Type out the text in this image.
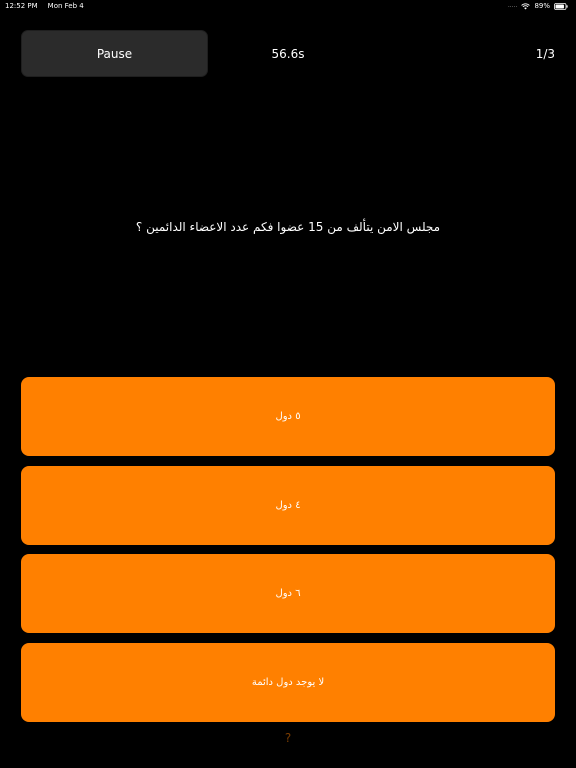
12:52 PM Mon Feb 4	..... 89%
Pause	56.6s	1/3
مجلس الامن يتألف من 15 عضوا فكم عدد الاعضاء الدائمين ؟
٥ دول
٤ دول
٦ دول
لا يوجد دول دائمة
?
